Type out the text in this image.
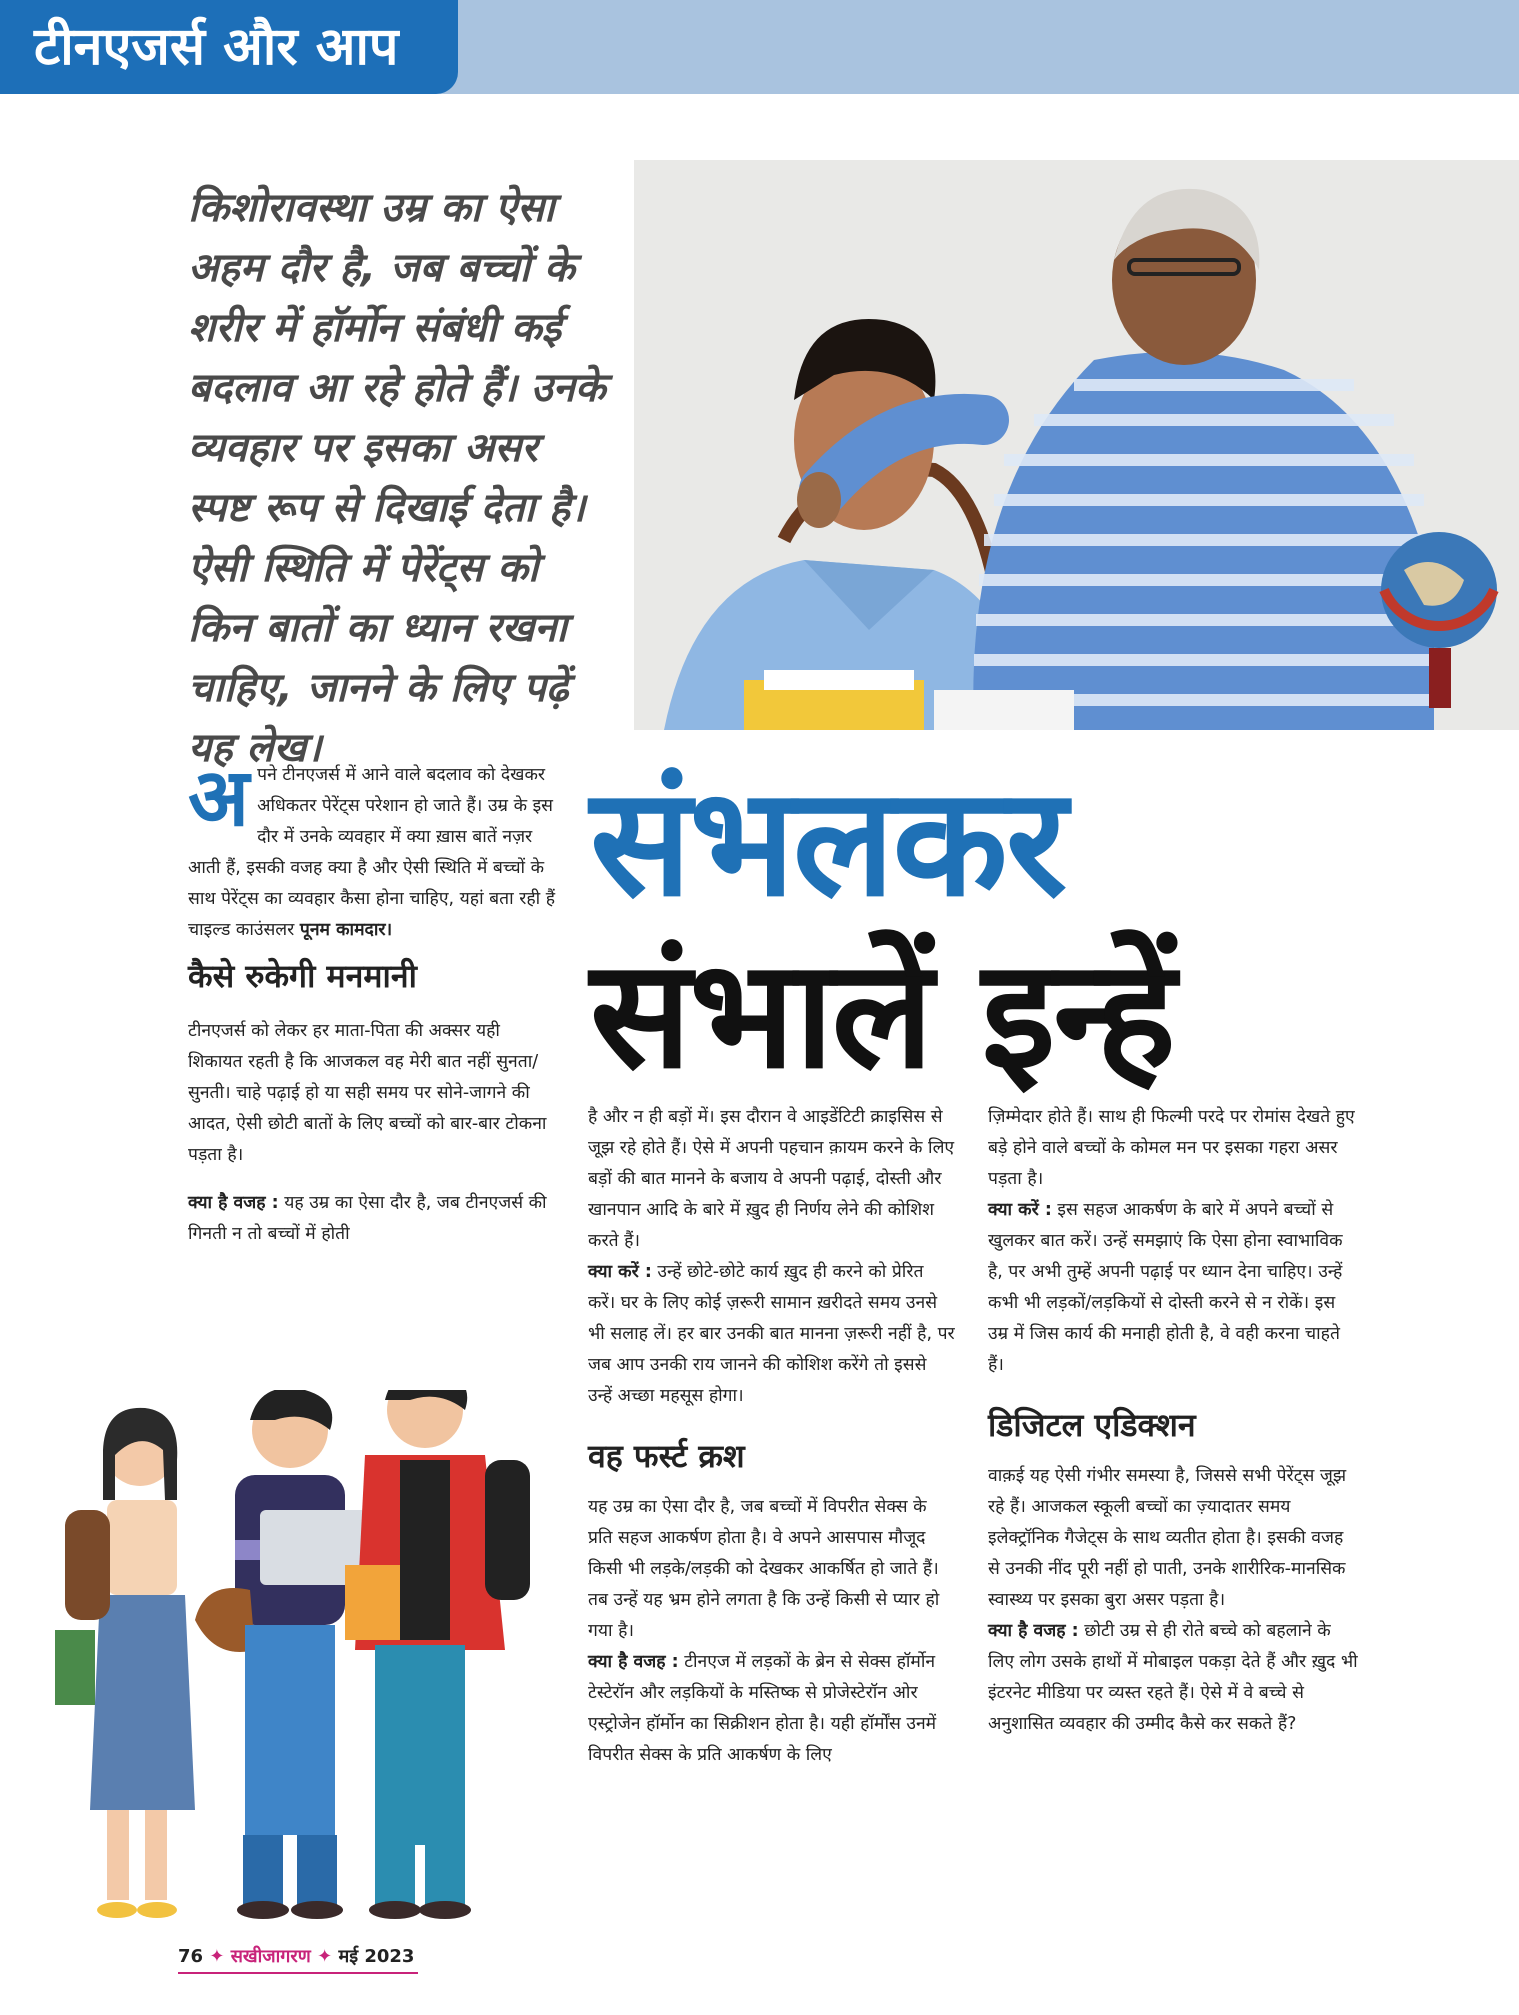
टीनएजर्स और आप
किशोरावस्था उम्र का ऐसा अहम दौर है, जब बच्चों के शरीर में हॉर्मोन संबंधी कई बदलाव आ रहे होते हैं। उनके व्यवहार पर इसका असर स्पष्ट रूप से दिखाई देता है। ऐसी स्थिति में पेरेंट्स को किन बातों का ध्यान रखना चाहिए, जानने के लिए पढ़ें यह लेख।
संभलकर
संभालें इन्हें

अ पने टीनएजर्स में आने वाले बदलाव को देखकर अधिकतर पेरेंट्स परेशान हो जाते हैं। उम्र के इस दौर में उनके व्यवहार में क्या ख़ास बातें नज़र आती हैं, इसकी वजह क्या है और ऐसी स्थिति में बच्चों के साथ पेरेंट्स का व्यवहार कैसा होना चाहिए, यहां बता रही हैं चाइल्ड काउंसलर पूनम कामदार।

कैसे रुकेगी मनमानी

टीनएजर्स को लेकर हर माता-पिता की अक्सर यही शिकायत रहती है कि आजकल वह मेरी बात नहीं सुनता/सुनती। चाहे पढ़ाई हो या सही समय पर सोने-जागने की आदत, ऐसी छोटी बातों के लिए बच्चों को बार-बार टोकना पड़ता है।

क्या है वजह : यह उम्र का ऐसा दौर है, जब टीनएजर्स की गिनती न तो बच्चों में होती

है और न ही बड़ों में। इस दौरान वे आइडेंटिटी क्राइसिस से जूझ रहे होते हैं। ऐसे में अपनी पहचान क़ायम करने के लिए बड़ों की बात मानने के बजाय वे अपनी पढ़ाई, दोस्ती और खानपान आदि के बारे में ख़ुद ही निर्णय लेने की कोशिश करते हैं।

क्या करें : उन्हें छोटे-छोटे कार्य ख़ुद ही करने को प्रेरित करें। घर के लिए कोई ज़रूरी सामान ख़रीदते समय उनसे भी सलाह लें। हर बार उनकी बात मानना ज़रूरी नहीं है, पर जब आप उनकी राय जानने की कोशिश करेंगे तो इससे उन्हें अच्छा महसूस होगा।

वह फर्स्ट क्रश

यह उम्र का ऐसा दौर है, जब बच्चों में विपरीत सेक्स के प्रति सहज आकर्षण होता है। वे अपने आसपास मौजूद किसी भी लड़के/लड़की को देखकर आकर्षित हो जाते हैं। तब उन्हें यह भ्रम होने लगता है कि उन्हें किसी से प्यार हो गया है।

क्या है वजह : टीनएज में लड़कों के ब्रेन से सेक्स हॉर्मोन टेस्टेरॉन और लड़कियों के मस्तिष्क से प्रोजेस्टेरॉन ओर एस्ट्रोजेन हॉर्मोन का सिक्रीशन होता है। यही हॉर्मोंस उनमें विपरीत सेक्स के प्रति आकर्षण के लिए

ज़िम्मेदार होते हैं। साथ ही फिल्मी परदे पर रोमांस देखते हुए बड़े होने वाले बच्चों के कोमल मन पर इसका गहरा असर पड़ता है।

क्या करें : इस सहज आकर्षण के बारे में अपने बच्चों से खुलकर बात करें। उन्हें समझाएं कि ऐसा होना स्वाभाविक है, पर अभी तुम्हें अपनी पढ़ाई पर ध्यान देना चाहिए। उन्हें कभी भी लड़कों/लड़कियों से दोस्ती करने से न रोकें। इस उम्र में जिस कार्य की मनाही होती है, वे वही करना चाहते हैं।

डिजिटल एडिक्शन

वाक़ई यह ऐसी गंभीर समस्या है, जिससे सभी पेरेंट्स जूझ रहे हैं। आजकल स्कूली बच्चों का ज़्यादातर समय इलेक्ट्रॉनिक गैजेट्स के साथ व्यतीत होता है। इसकी वजह से उनकी नींद पूरी नहीं हो पाती, उनके शारीरिक-मानसिक स्वास्थ्य पर इसका बुरा असर पड़ता है।

क्या है वजह : छोटी उम्र से ही रोते बच्चे को बहलाने के लिए लोग उसके हाथों में मोबाइल पकड़ा देते हैं और ख़ुद भी इंटरनेट मीडिया पर व्यस्त रहते हैं। ऐसे में वे बच्चे से अनुशासित व्यवहार की उम्मीद कैसे कर सकते हैं?

76 ✦ सखीजागरण ✦ मई 2023
